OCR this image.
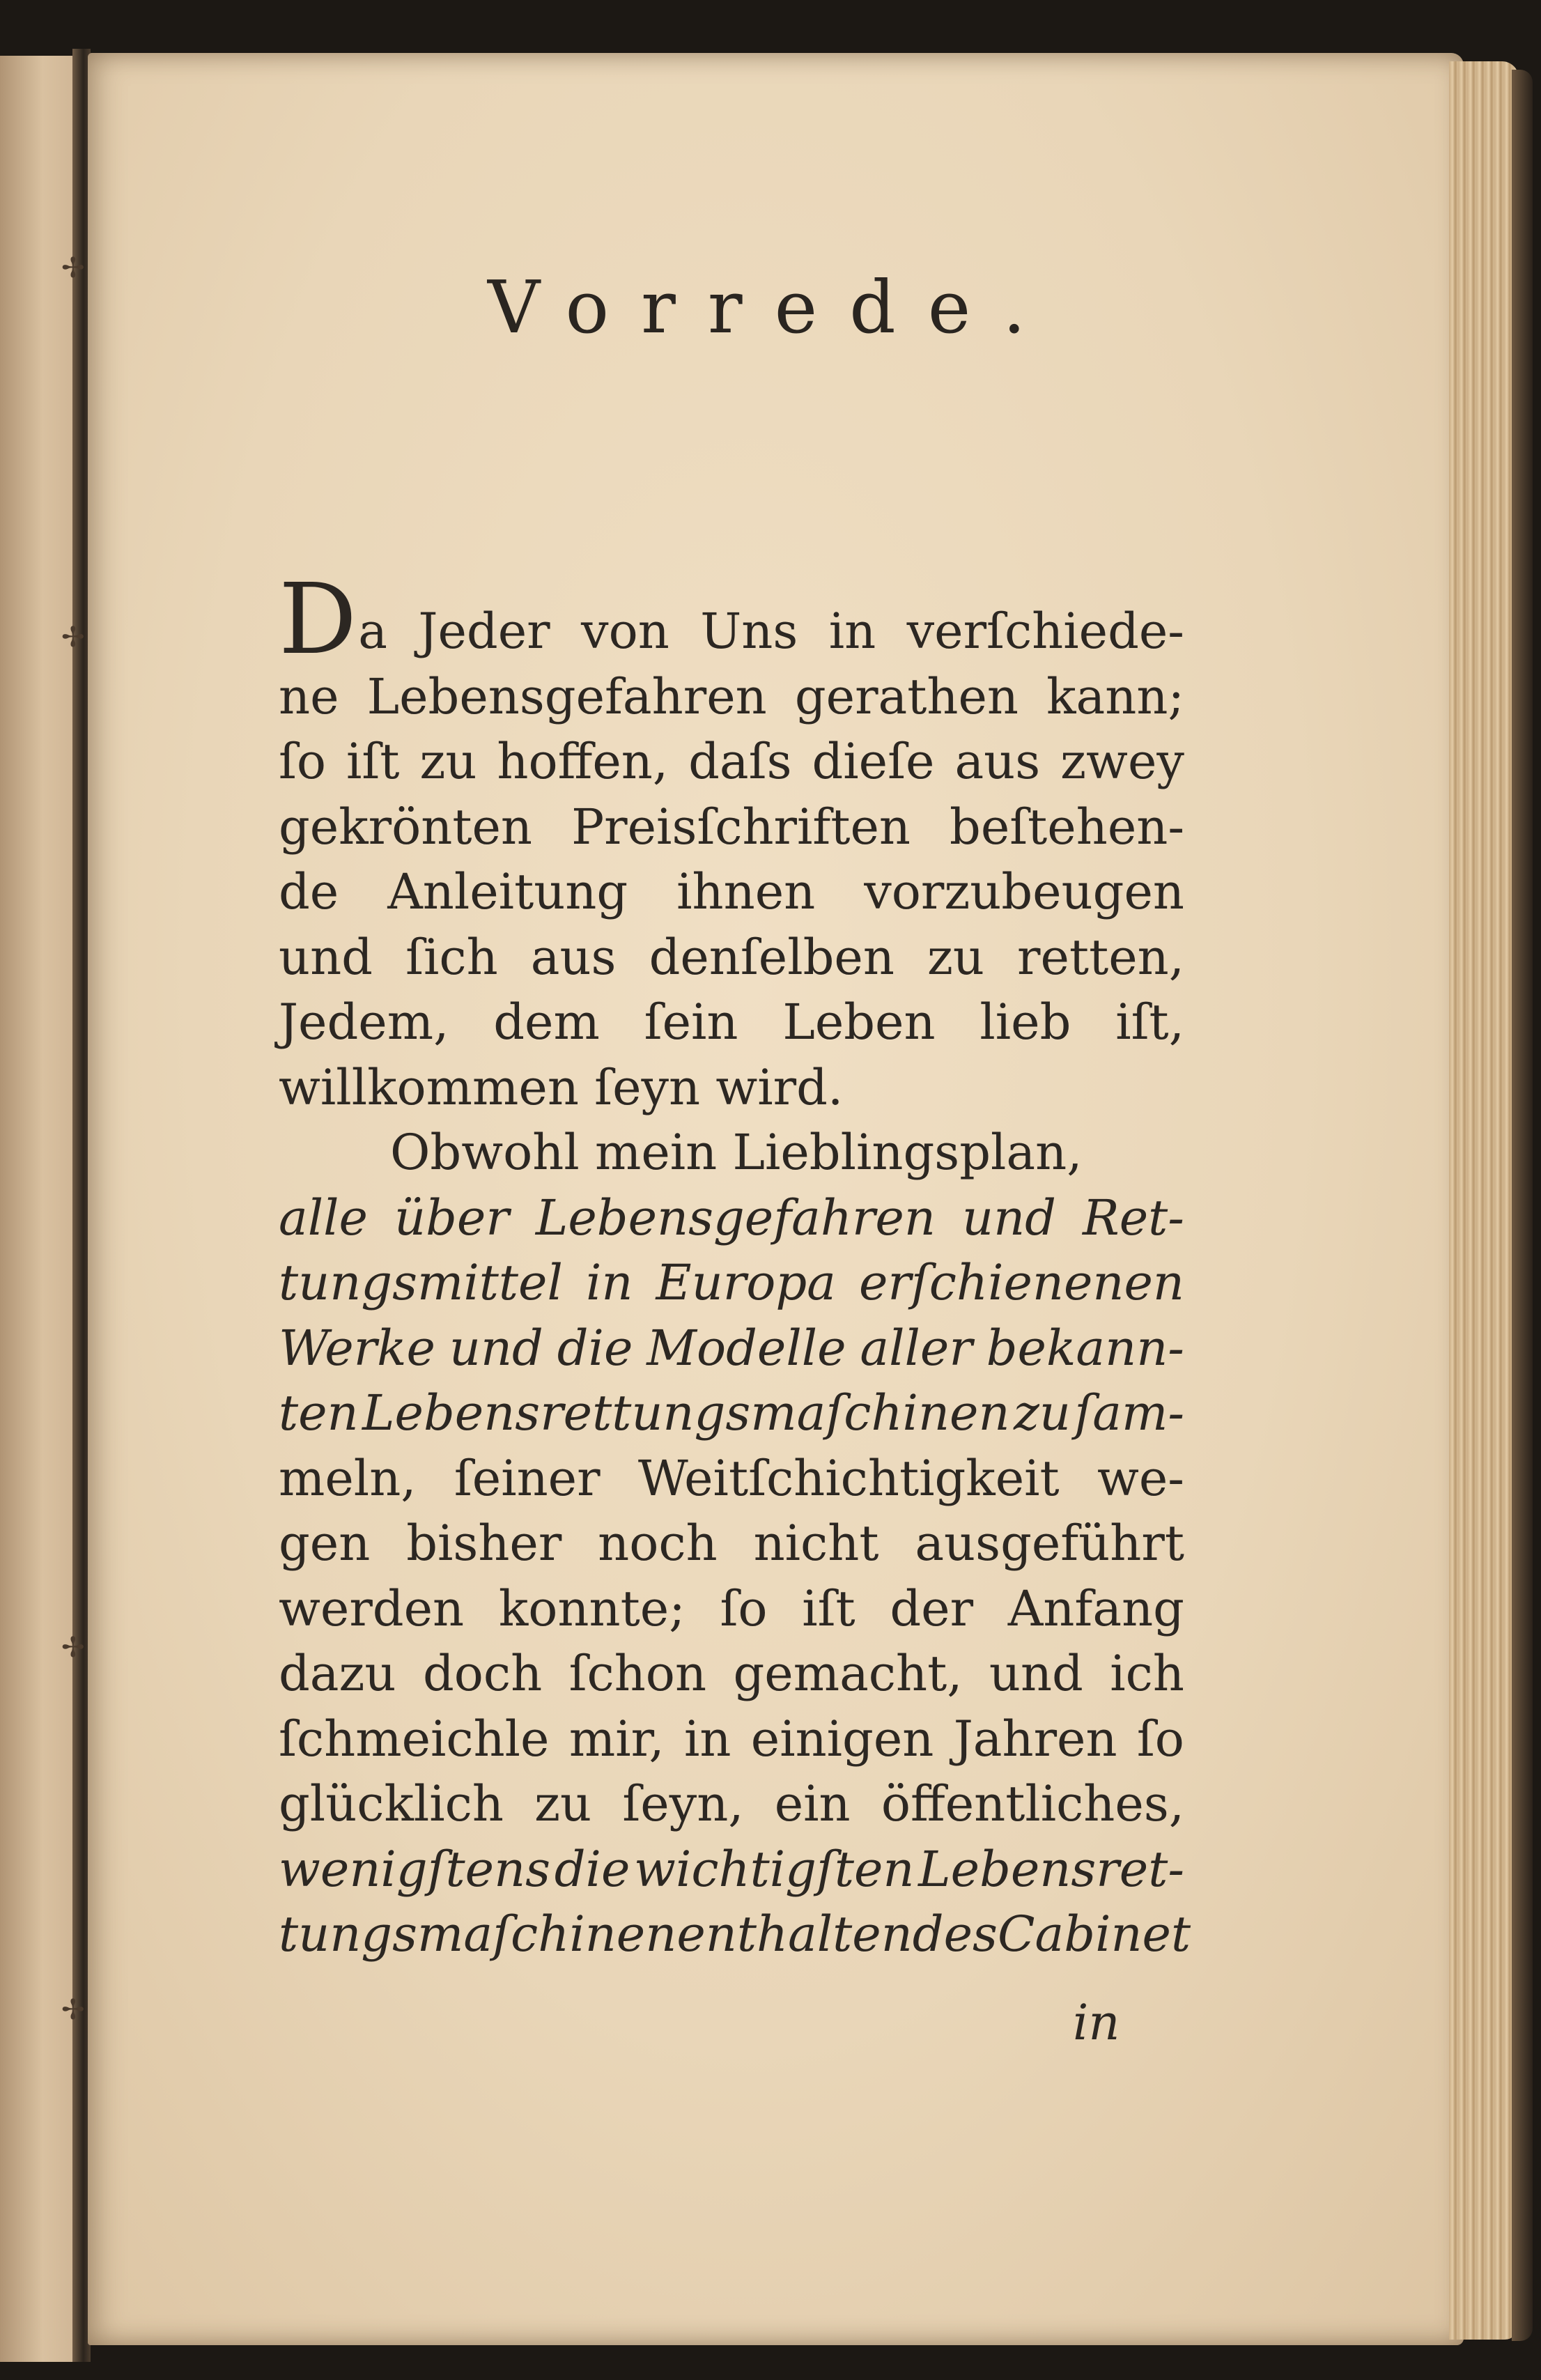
✢
✢
✢
✢
Vorrede.
D a Jeder von Uns in verſchiede-
ne Lebensgefahren gerathen kann;
ſo iſt zu hoffen, daſs dieſe aus zwey
gekrönten Preisſchriften beſtehen-
de Anleitung ihnen vorzubeugen
und ſich aus denſelben zu retten,
Jedem, dem ſein Leben lieb iſt,
willkommen ſeyn wird.
Obwohl mein Lieblingsplan,
alle über Lebensgefahren und Ret-
tungsmittel in Europa erſchienenen
Werke und die Modelle aller bekann-
ten Lebensrettungsmaſchinen zu ſam-
meln, ſeiner Weitſchichtigkeit we-
gen bisher noch nicht ausgeführt
werden konnte; ſo iſt der Anfang
dazu doch ſchon gemacht, und ich
ſchmeichle mir, in einigen Jahren ſo
glücklich zu ſeyn, ein öffentliches,
wenigſtens die wichtigſten Lebensret-
tungsmaſchinen enthaltendes Cabinet
in
